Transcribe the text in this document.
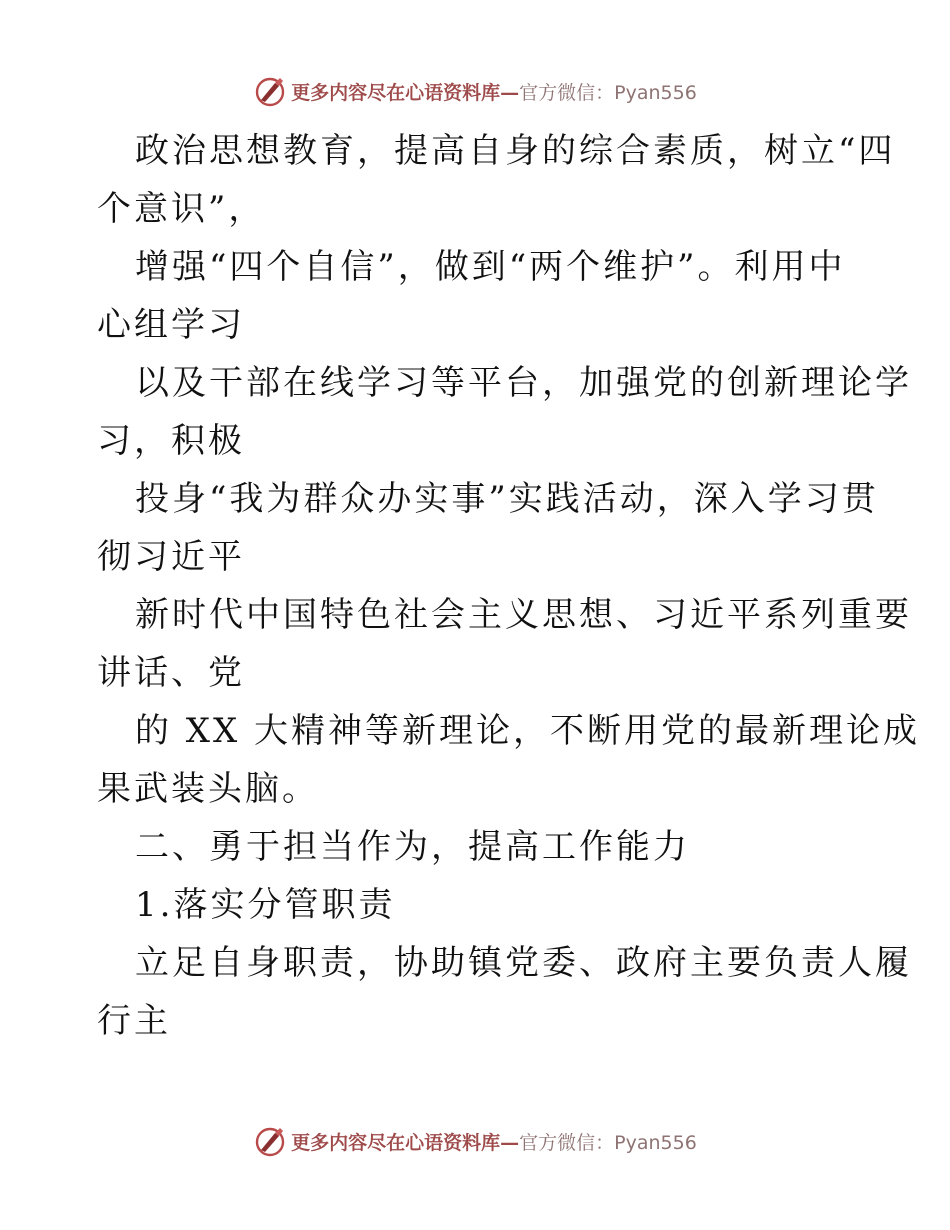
更多内容尽在心语资料库— 官方微信：Pyan556
政治思想教育，提高自身的综合素质，树立“四
个意识”，
增强“四个自信”，做到“两个维护”。利用中
心组学习
以及干部在线学习等平台，加强党的创新理论学
习，积极
投身“我为群众办实事”实践活动，深入学习贯
彻习近平
新时代中国特色社会主义思想、习近平系列重要
讲话、党
的 XX 大精神等新理论，不断用党的最新理论成
果武装头脑。
二、勇于担当作为，提高工作能力
1.落实分管职责
立足自身职责，协助镇党委、政府主要负责人履
行主
更多内容尽在心语资料库— 官方微信：Pyan556
